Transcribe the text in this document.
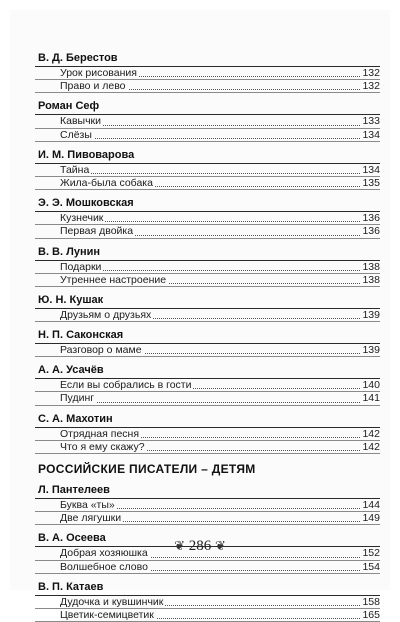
В. Д. Берестов
Урок рисования	132
Право и лево	132
Роман Сеф
Кавычки	133
Слёзы	134
И. М. Пивоварова
Тайна	134
Жила-была собака	135
Э. Э. Мошковская
Кузнечик	136
Первая двойка	136
В. В. Лунин
Подарки	138
Утреннее настроение	138
Ю. Н. Кушак
Друзьям о друзьях	139
Н. П. Саконская
Разговор о маме	139
А. А. Усачёв
Если вы собрались в гости	140
Пудинг	141
С. А. Махотин
Отрядная песня	142
Что я ему скажу?	142
РОССИЙСКИЕ ПИСАТЕЛИ – ДЕТЯМ
Л. Пантелеев
Буква «ты»	144
Две лягушки	149
В. А. Осеева
Добрая хозяюшка	152
Волшебное слово	154
В. П. Катаев
Дудочка и кувшинчик	158
Цветик-семицветик	165
❦ 286 ❦
